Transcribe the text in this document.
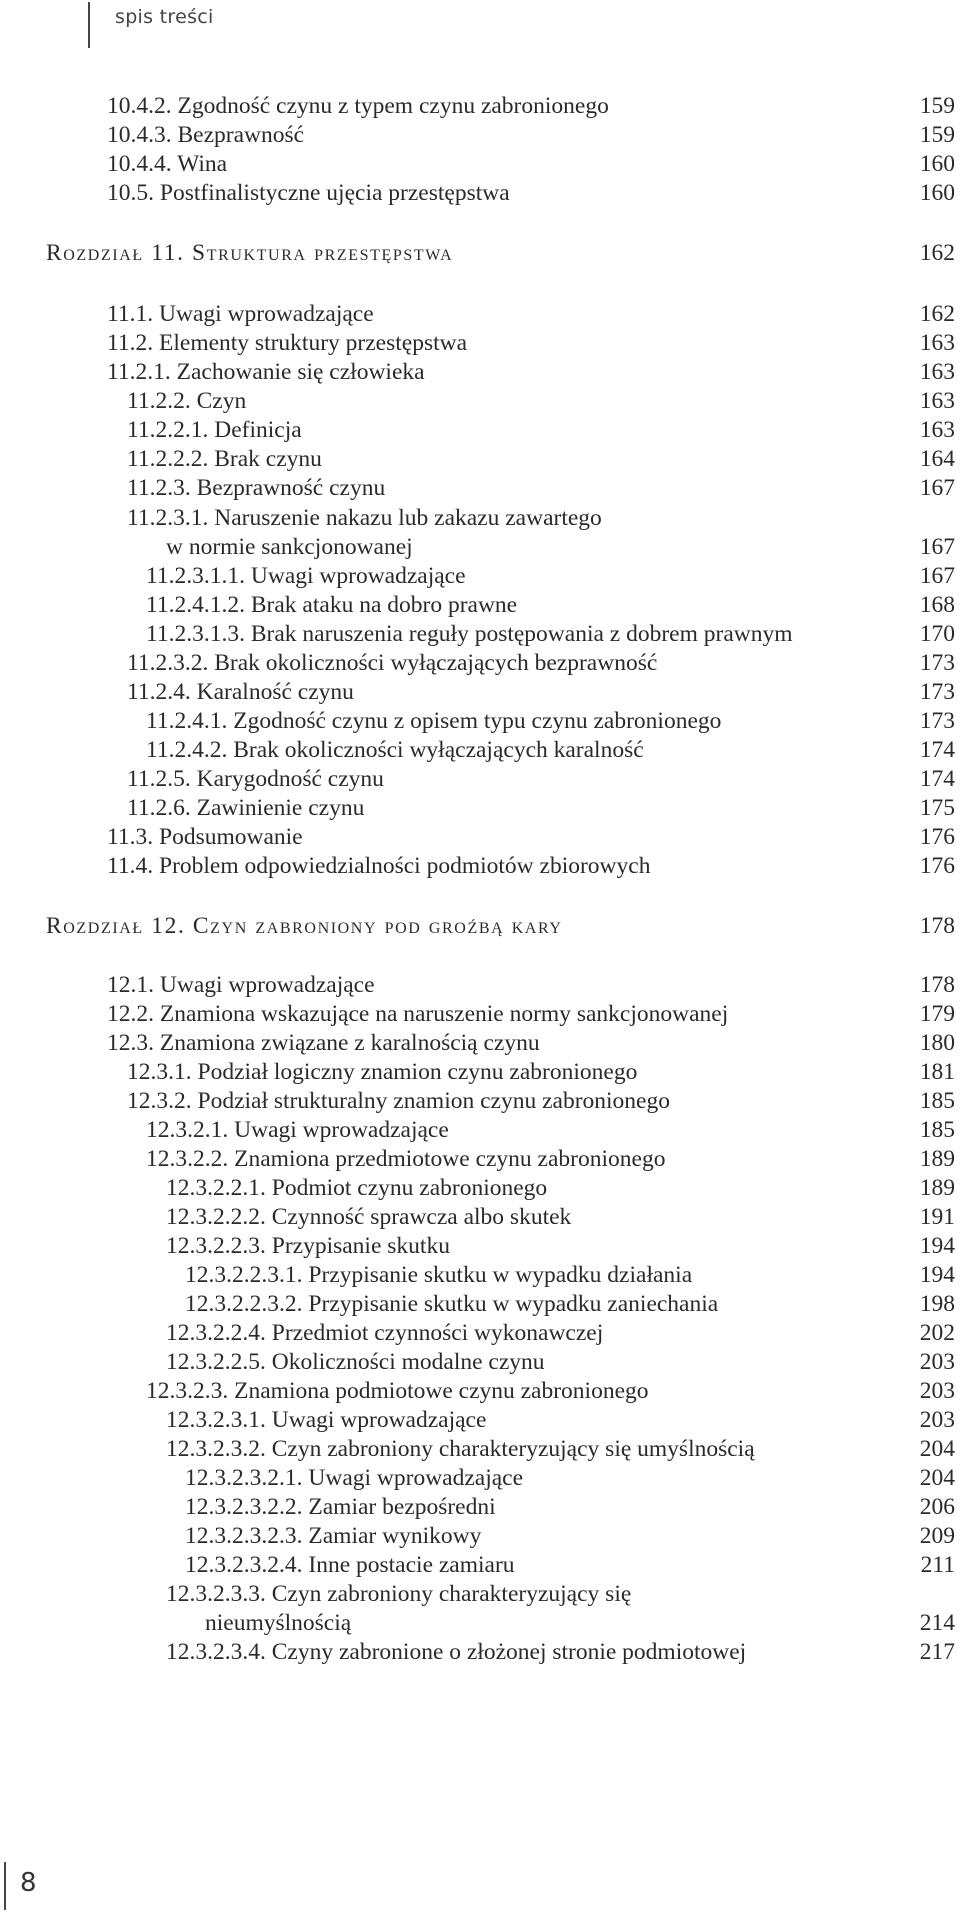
spis treści
10.4.2. Zgodność czynu z typem czynu zabronionego	159
10.4.3. Bezprawność	159
10.4.4. Wina	160
10.5. Postfinalistyczne ujęcia przestępstwa	160
Rozdział 11. Struktura przestępstwa	162
11.1. Uwagi wprowadzające	162
11.2. Elementy struktury przestępstwa	163
11.2.1. Zachowanie się człowieka	163
11.2.2. Czyn	163
11.2.2.1. Definicja	163
11.2.2.2. Brak czynu	164
11.2.3. Bezprawność czynu	167
11.2.3.1. Naruszenie nakazu lub zakazu zawartego
w normie sankcjonowanej	167
11.2.3.1.1. Uwagi wprowadzające	167
11.2.4.1.2. Brak ataku na dobro prawne	168
11.2.3.1.3. Brak naruszenia reguły postępowania z dobrem prawnym	170
11.2.3.2. Brak okoliczności wyłączających bezprawność	173
11.2.4. Karalność czynu	173
11.2.4.1. Zgodność czynu z opisem typu czynu zabronionego	173
11.2.4.2. Brak okoliczności wyłączających karalność	174
11.2.5. Karygodność czynu	174
11.2.6. Zawinienie czynu	175
11.3. Podsumowanie	176
11.4. Problem odpowiedzialności podmiotów zbiorowych	176
Rozdział 12. Czyn zabroniony pod groźbą kary	178
12.1. Uwagi wprowadzające	178
12.2. Znamiona wskazujące na naruszenie normy sankcjonowanej	179
12.3. Znamiona związane z karalnością czynu	180
12.3.1. Podział logiczny znamion czynu zabronionego	181
12.3.2. Podział strukturalny znamion czynu zabronionego	185
12.3.2.1. Uwagi wprowadzające	185
12.3.2.2. Znamiona przedmiotowe czynu zabronionego	189
12.3.2.2.1. Podmiot czynu zabronionego	189
12.3.2.2.2. Czynność sprawcza albo skutek	191
12.3.2.2.3. Przypisanie skutku	194
12.3.2.2.3.1. Przypisanie skutku w wypadku działania	194
12.3.2.2.3.2. Przypisanie skutku w wypadku zaniechania	198
12.3.2.2.4. Przedmiot czynności wykonawczej	202
12.3.2.2.5. Okoliczności modalne czynu	203
12.3.2.3. Znamiona podmiotowe czynu zabronionego	203
12.3.2.3.1. Uwagi wprowadzające	203
12.3.2.3.2. Czyn zabroniony charakteryzujący się umyślnością	204
12.3.2.3.2.1. Uwagi wprowadzające	204
12.3.2.3.2.2. Zamiar bezpośredni	206
12.3.2.3.2.3. Zamiar wynikowy	209
12.3.2.3.2.4. Inne postacie zamiaru	211
12.3.2.3.3. Czyn zabroniony charakteryzujący się
nieumyślnością	214
12.3.2.3.4. Czyny zabronione o złożonej stronie podmiotowej	217
8
